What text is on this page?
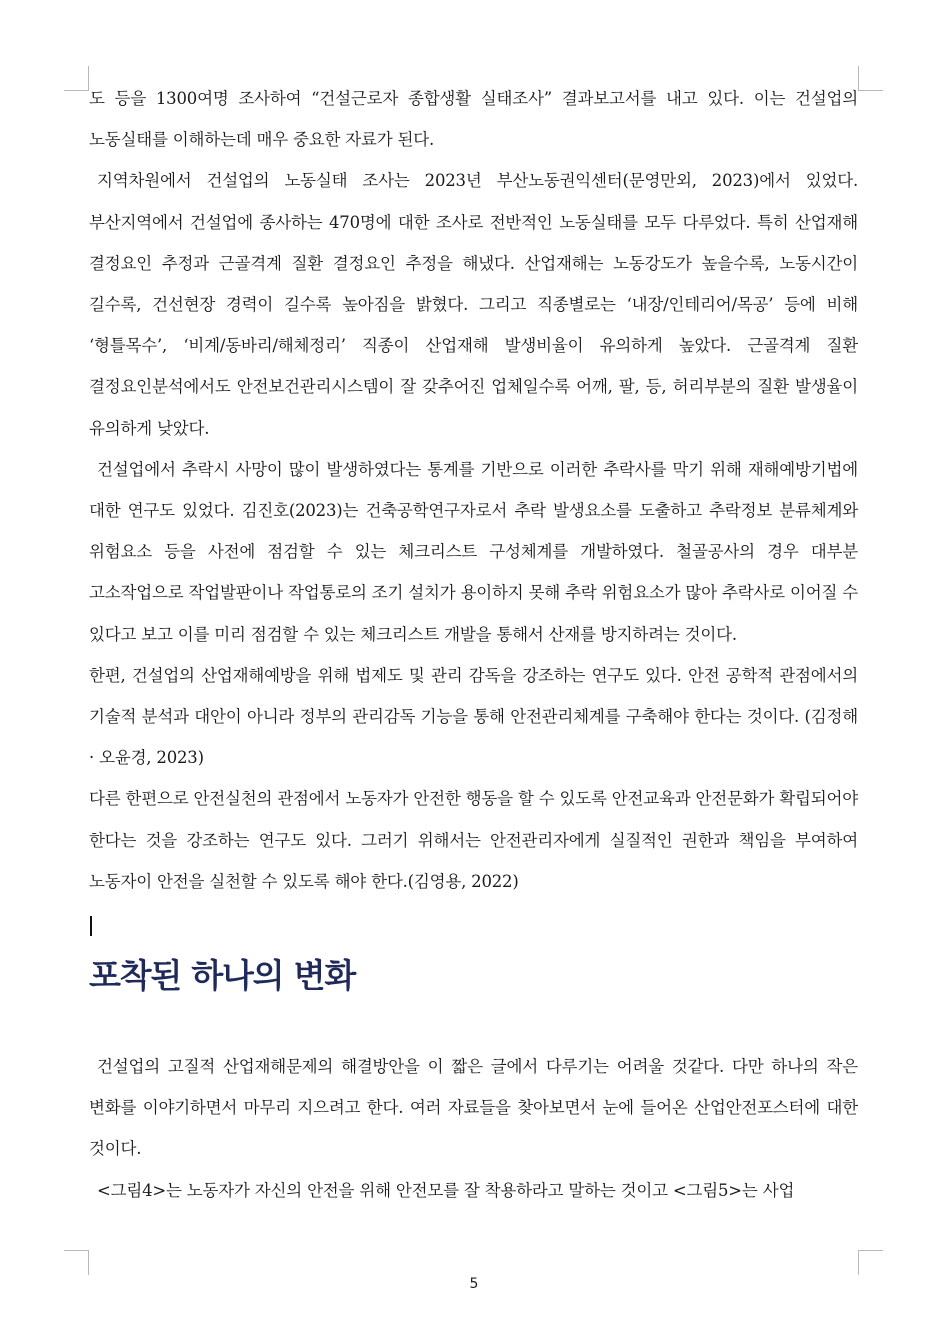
도 등을 1300여명 조사하여 “건설근로자 종합생활 실태조사” 결과보고서를 내고 있다. 이는 건설업의 노동실태를 이해하는데 매우 중요한 자료가 된다.

지역차원에서 건설업의 노동실태 조사는 2023년 부산노동권익센터(문영만외, 2023)에서 있었다. 부산지역에서 건설업에 종사하는 470명에 대한 조사로 전반적인 노동실태를 모두 다루었다. 특히 산업재해 결정요인 추정과 근골격계 질환 결정요인 추정을 해냈다. 산업재해는 노동강도가 높을수록, 노동시간이 길수록, 건선현장 경력이 길수록 높아짐을 밝혔다. 그리고 직종별로는 ‘내장/인테리어/목공’ 등에 비해 ‘형틀목수’, ‘비계/동바리/해체정리’ 직종이 산업재해 발생비율이 유의하게 높았다. 근골격계 질환 결정요인분석에서도 안전보건관리시스템이 잘 갖추어진 업체일수록 어깨, 팔, 등, 허리부분의 질환 발생율이 유의하게 낮았다.

건설업에서 추락시 사망이 많이 발생하였다는 통계를 기반으로 이러한 추락사를 막기 위해 재해예방기법에 대한 연구도 있었다. 김진호(2023)는 건축공학연구자로서 추락 발생요소를 도출하고 추락정보 분류체계와 위험요소 등을 사전에 점검할 수 있는 체크리스트 구성체계를 개발하였다. 철골공사의 경우 대부분 고소작업으로 작업발판이나 작업통로의 조기 설치가 용이하지 못해 추락 위험요소가 많아 추락사로 이어질 수 있다고 보고 이를 미리 점검할 수 있는 체크리스트 개발을 통해서 산재를 방지하려는 것이다.

한편, 건설업의 산업재해예방을 위해 법제도 및 관리 감독을 강조하는 연구도 있다. 안전 공학적 관점에서의 기술적 분석과 대안이 아니라 정부의 관리감독 기능을 통해 안전관리체계를 구축해야 한다는 것이다. (김정해 · 오윤경, 2023)

다른 한편으로 안전실천의 관점에서 노동자가 안전한 행동을 할 수 있도록 안전교육과 안전문화가 확립되어야 한다는 것을 강조하는 연구도 있다. 그러기 위해서는 안전관리자에게 실질적인 권한과 책임을 부여하여 노동자이 안전을 실천할 수 있도록 해야 한다.(김영용, 2022)

포착된 하나의 변화

건설업의 고질적 산업재해문제의 해결방안을 이 짧은 글에서 다루기는 어려울 것같다. 다만 하나의 작은 변화를 이야기하면서 마무리 지으려고 한다. 여러 자료들을 찾아보면서 눈에 들어온 산업안전포스터에 대한 것이다.

<그림4>는 노동자가 자신의 안전을 위해 안전모를 잘 착용하라고 말하는 것이고 <그림5>는 사업

5
